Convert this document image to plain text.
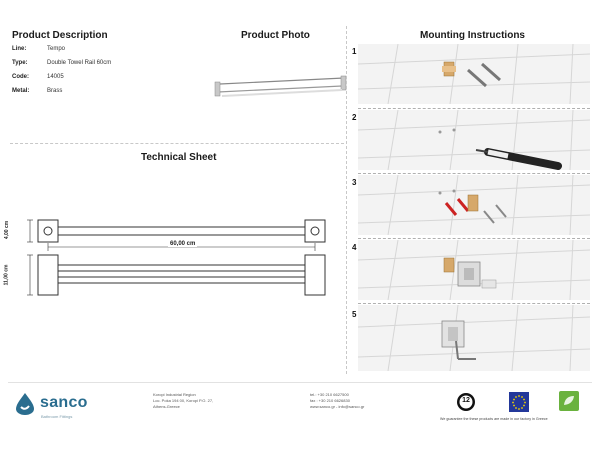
Product Description
Line:	Tempo
Type:	Double Towel Rail 60cm
Code:	14005
Metal:	Brass
Product Photo
Technical Sheet
60,00 cm
4,00 cm
11,00 cm
Mounting Instructions
1
2
3
4
5
sanco
Bathroom Fittings
Koropi Industrial Region
Loc. Poka 194 00, Koropi P.O. 27,
Athens-Greece
tel.: +30 210 6627500
fax : +30 210 6626830
www.sanco.gr - info@sanco.gr
12
We guarantee the these products are made in our factory in Greece
